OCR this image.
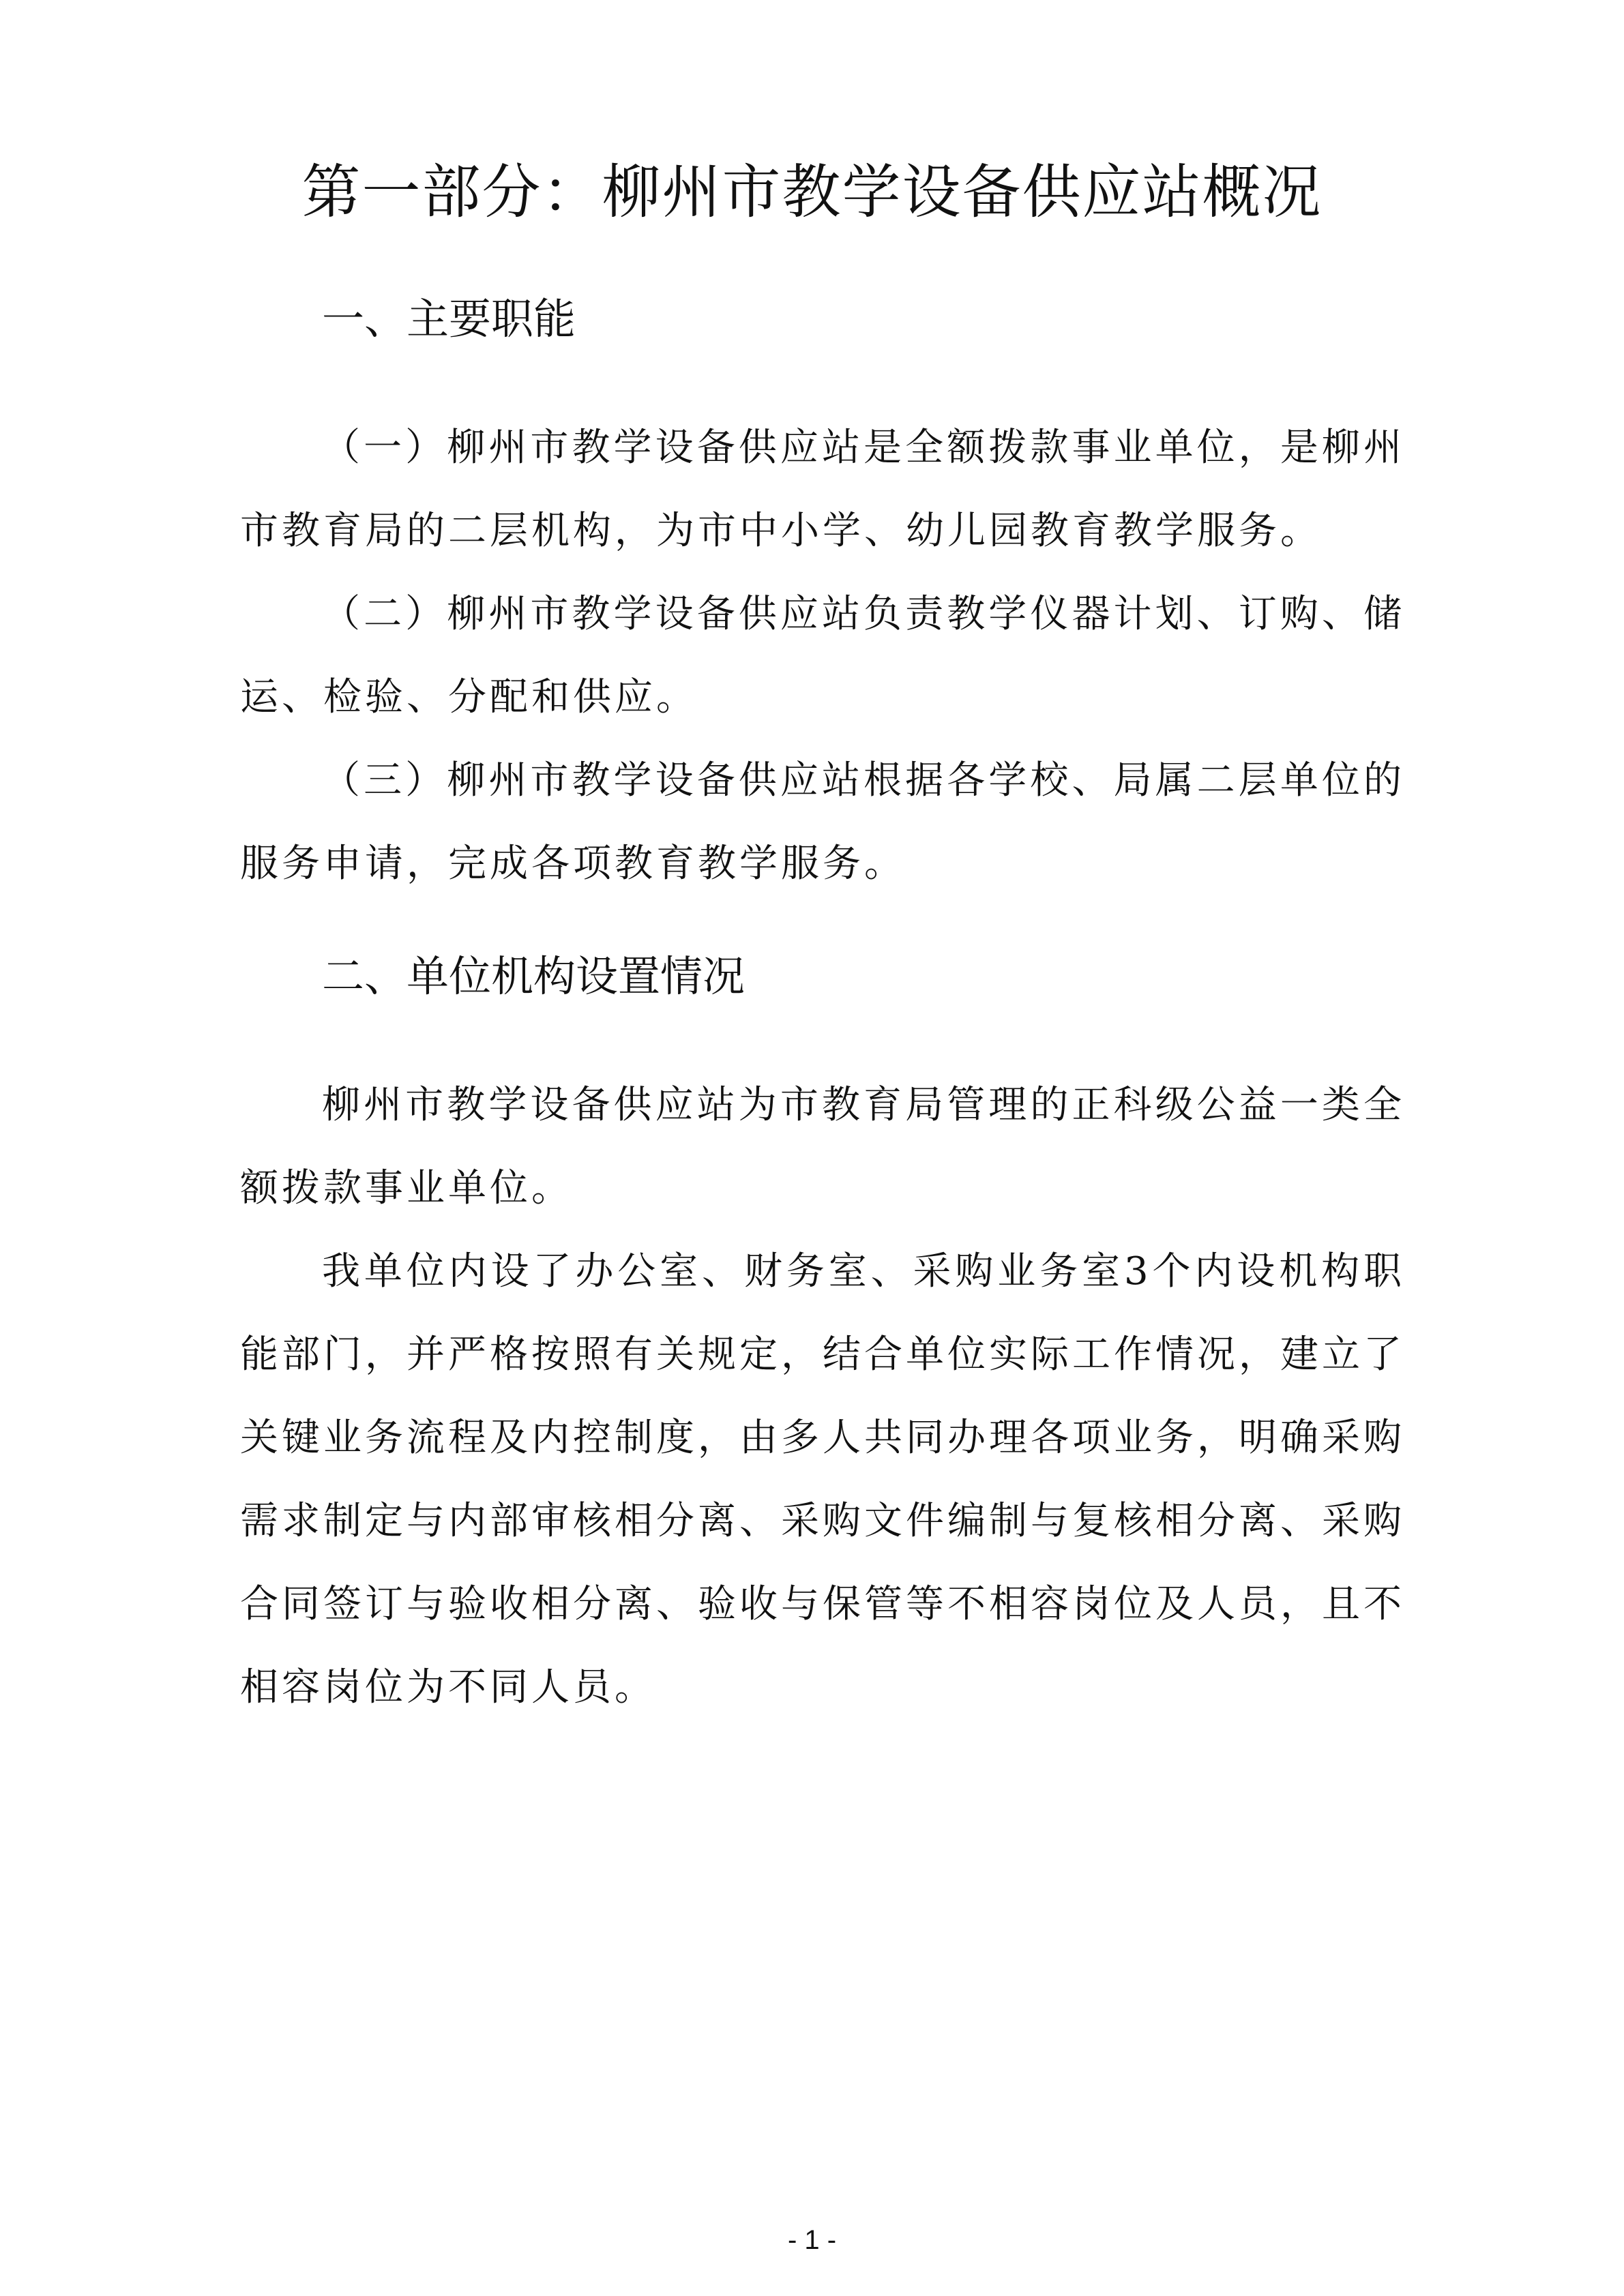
第一部分：柳州市教学设备供应站概况
一、主要职能

（一）柳州市教学设备供应站是全额拨款事业单位，是柳州市教育局的二层机构，为市中小学、幼儿园教育教学服务。

（二）柳州市教学设备供应站负责教学仪器计划、订购、储运、检验、分配和供应。

（三）柳州市教学设备供应站根据各学校、局属二层单位的服务申请，完成各项教育教学服务。

二、单位机构设置情况

柳州市教学设备供应站为市教育局管理的正科级公益一类全额拨款事业单位。

我单位内设了办公室、财务室、采购业务室3个内设机构职能部门，并严格按照有关规定，结合单位实际工作情况，建立了关键业务流程及内控制度，由多人共同办理各项业务，明确采购需求制定与内部审核相分离、采购文件编制与复核相分离、采购合同签订与验收相分离、验收与保管等不相容岗位及人员，且不相容岗位为不同人员。

- 1 -
